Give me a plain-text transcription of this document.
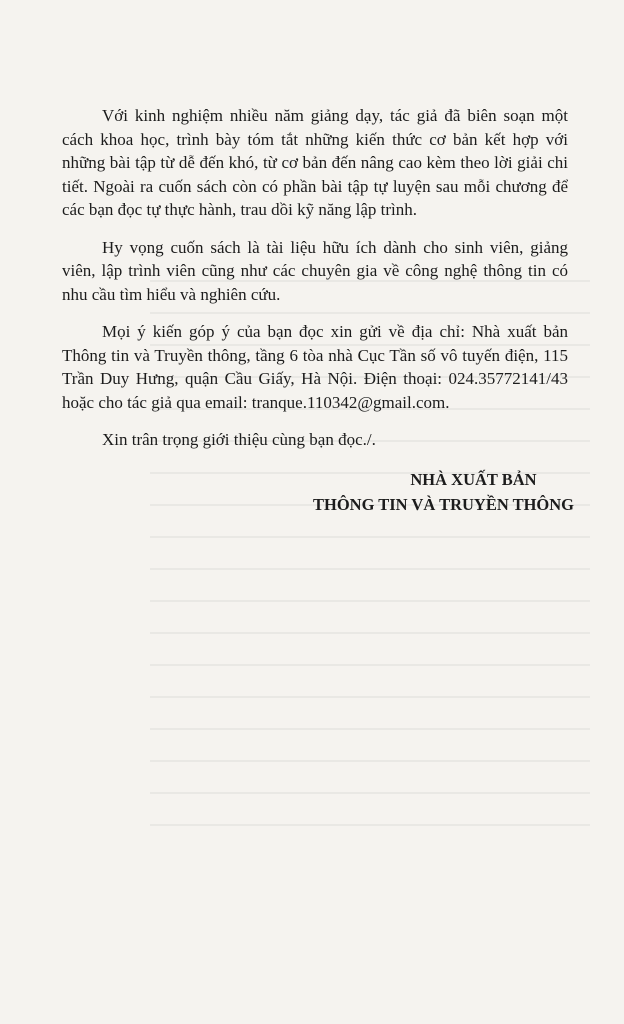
Với kinh nghiệm nhiều năm giảng dạy, tác giả đã biên soạn một cách khoa học, trình bày tóm tắt những kiến thức cơ bản kết hợp với những bài tập từ dễ đến khó, từ cơ bản đến nâng cao kèm theo lời giải chi tiết. Ngoài ra cuốn sách còn có phần bài tập tự luyện sau mỗi chương để các bạn đọc tự thực hành, trau dồi kỹ năng lập trình.

Hy vọng cuốn sách là tài liệu hữu ích dành cho sinh viên, giảng viên, lập trình viên cũng như các chuyên gia về công nghệ thông tin có nhu cầu tìm hiểu và nghiên cứu.

Mọi ý kiến góp ý của bạn đọc xin gửi về địa chỉ: Nhà xuất bản Thông tin và Truyền thông, tầng 6 tòa nhà Cục Tần số vô tuyến điện, 115 Trần Duy Hưng, quận Cầu Giấy, Hà Nội. Điện thoại: 024.35772141/43 hoặc cho tác giả qua email: tranque.110342@gmail.com.

Xin trân trọng giới thiệu cùng bạn đọc./.

NHÀ XUẤT BẢN
THÔNG TIN VÀ TRUYỀN THÔNG
